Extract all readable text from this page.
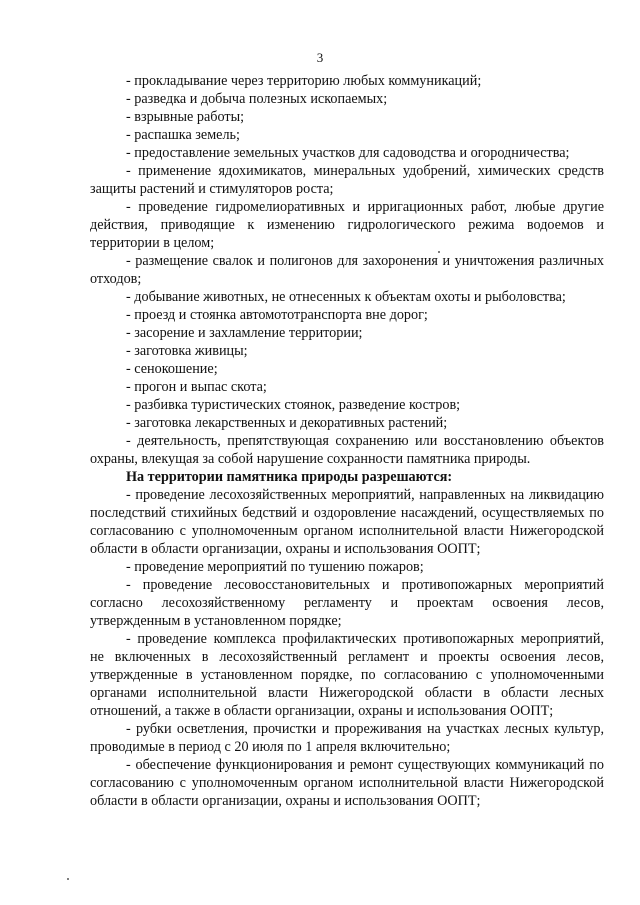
3

- прокладывание через территорию любых коммуникаций;

- разведка и добыча полезных ископаемых;

- взрывные работы;

- распашка земель;

- предоставление земельных участков для садоводства и огородничества;

- применение ядохимикатов, минеральных удобрений, химических средств защиты растений и стимуляторов роста;

- проведение гидромелиоративных и ирригационных работ, любые другие действия, приводящие к изменению гидрологического режима водоемов и территории в целом;

- размещение свалок и полигонов для захоронения и уничтожения различных отходов;

- добывание животных, не отнесенных к объектам охоты и рыболовства;

- проезд и стоянка автомототранспорта вне дорог;

- засорение и захламление территории;

- заготовка живицы;

- сенокошение;

- прогон и выпас скота;

- разбивка туристических стоянок, разведение костров;

- заготовка лекарственных и декоративных растений;

- деятельность, препятствующая сохранению или восстановлению объектов охраны, влекущая за собой нарушение сохранности памятника природы.

На территории памятника природы разрешаются:

- проведение лесохозяйственных мероприятий, направленных на ликвидацию последствий стихийных бедствий и оздоровление насаждений, осуществляемых по согласованию с уполномоченным органом исполнительной власти Нижегородской области в области организации, охраны и использования ООПТ;

- проведение мероприятий по тушению пожаров;

- проведение лесовосстановительных и противопожарных мероприятий согласно лесохозяйственному регламенту и проектам освоения лесов, утвержденным в установленном порядке;

- проведение комплекса профилактических противопожарных мероприятий, не включенных в лесохозяйственный регламент и проекты освоения лесов, утвержденные в установленном порядке, по согласованию с уполномоченными органами исполнительной власти Нижегородской области в области лесных отношений, а также в области организации, охраны и использования ООПТ;

- рубки осветления, прочистки и прореживания на участках лесных культур, проводимые в период с 20 июля по 1 апреля включительно;

- обеспечение функционирования и ремонт существующих коммуникаций по согласованию с уполномоченным органом исполнительной власти Нижегородской области в области организации, охраны и использования ООПТ;
